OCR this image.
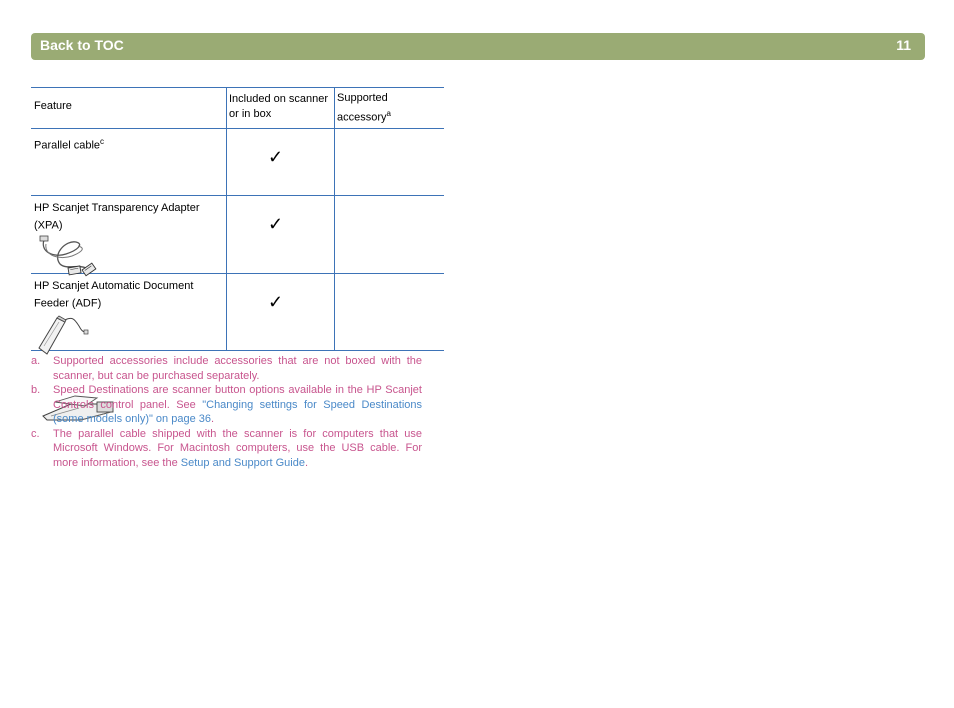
Back to TOC	11
Feature	Included on scanner or in box	Supported accessory$^a$

Parallel cable$^c$	✓	

HP Scanjet Transparency Adapter (XPA)	✓	

HP Scanjet Automatic Document Feeder (ADF)	✓	

a. Supported accessories include accessories that are not boxed with the scanner, but can be purchased separately.
b. Speed Destinations are scanner button options available in the HP Scanjet Controls control panel. See "Changing settings for Speed Destinations (some models only)" on page 36.
c. The parallel cable shipped with the scanner is for computers that use Microsoft Windows. For Macintosh computers, use the USB cable. For more information, see the Setup and Support Guide.
